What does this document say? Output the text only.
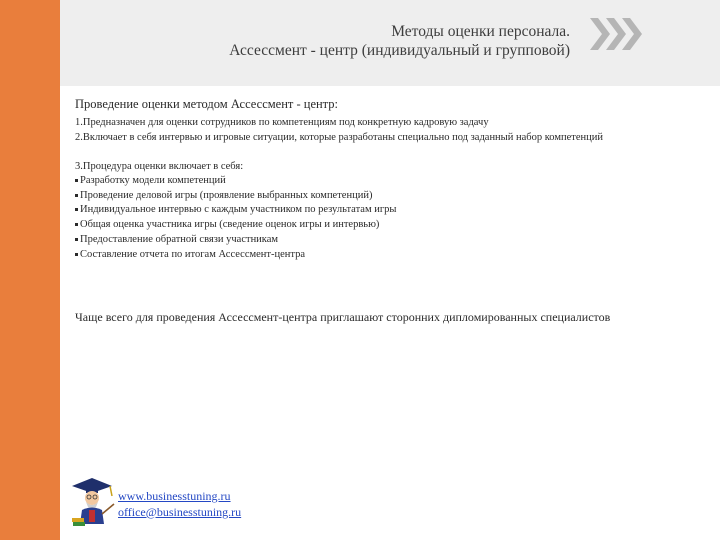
Методы оценки персонала.
Ассессмент - центр (индивидуальный и групповой)

Проведение оценки методом Ассессмент - центр:

1.Предназначен для оценки сотрудников по компетенциям под конкретную кадровую задачу

2.Включает в себя интервью и игровые ситуации, которые разработаны специально под заданный набор компетенций

3.Процедура оценки включает в себя:

Разработку модели компетенций
Проведение деловой игры (проявление выбранных компетенций)
Индивидуальное интервью с каждым участником по результатам игры
Общая оценка участника игры (сведение оценок игры и интервью)
Предоставление обратной связи участникам
Составление отчета по итогам Ассессмент-центра

Чаще всего для проведения Ассессмент-центра приглашают сторонних дипломированных специалистов

www.businesstuning.ru
office@businesstuning.ru
